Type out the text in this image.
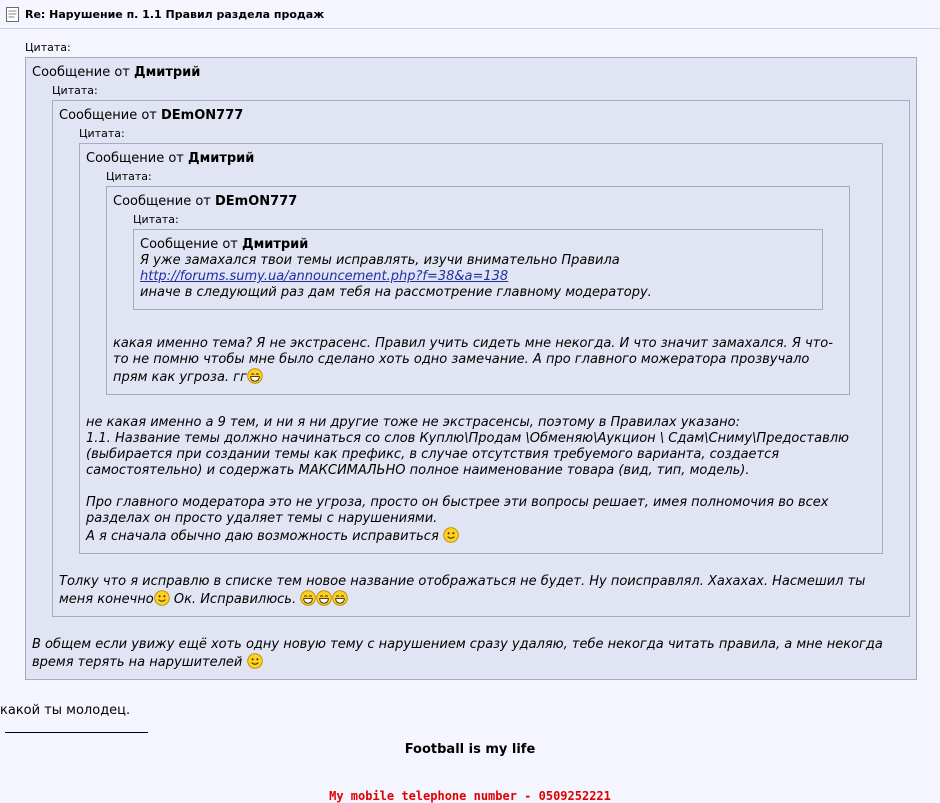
Re: Нарушение п. 1.1 Правил раздела продаж
Цитата:
Сообщение от Дмитрий
Цитата:
Сообщение от DEmON777
Цитата:
Сообщение от Дмитрий
Цитата:
Сообщение от DEmON777
Цитата:
Сообщение от Дмитрий
Я уже замахался твои темы исправлять, изучи внимательно Правила
http://forums.sumy.ua/announcement.php?f=38&a=138
иначе в следующий раз дам тебя на рассмотрение главному модератору.
какая именно тема? Я не экстрасенс. Правил учить сидеть мне некогда. И что значит замахался. Я что-то не помню чтобы мне было сделано хоть одно замечание. А про главного можератора прозвучало прям как угроза. гг
не какая именно а 9 тем, и ни я ни другие тоже не экстрасенсы, поэтому в Правилах указано:
1.1. Название темы должно начинаться со слов Куплю\Продам \Обменяю\Аукцион \ Сдам\Сниму\Предоставлю (выбирается при создании темы как префикс, в случае отсутствия требуемого варианта, создается самостоятельно) и содержать МАКСИМАЛЬНО полное наименование товара (вид, тип, модель).
Про главного модератора это не угроза, просто он быстрее эти вопросы решает, имея полномочия во всех разделах он просто удаляет темы с нарушениями.
А я сначала обычно даю возможность исправиться
Толку что я исправлю в списке тем новое название отображаться не будет. Ну поисправлял. Хахахах. Насмешил ты меня конечно Ок. Исправилюсь.
В общем если увижу ещё хоть одну новую тему с нарушением сразу удаляю, тебе некогда читать правила, а мне некогда время терять на нарушителей
какой ты молодец.
Football is my life
My mobile telephone number - 0509252221
